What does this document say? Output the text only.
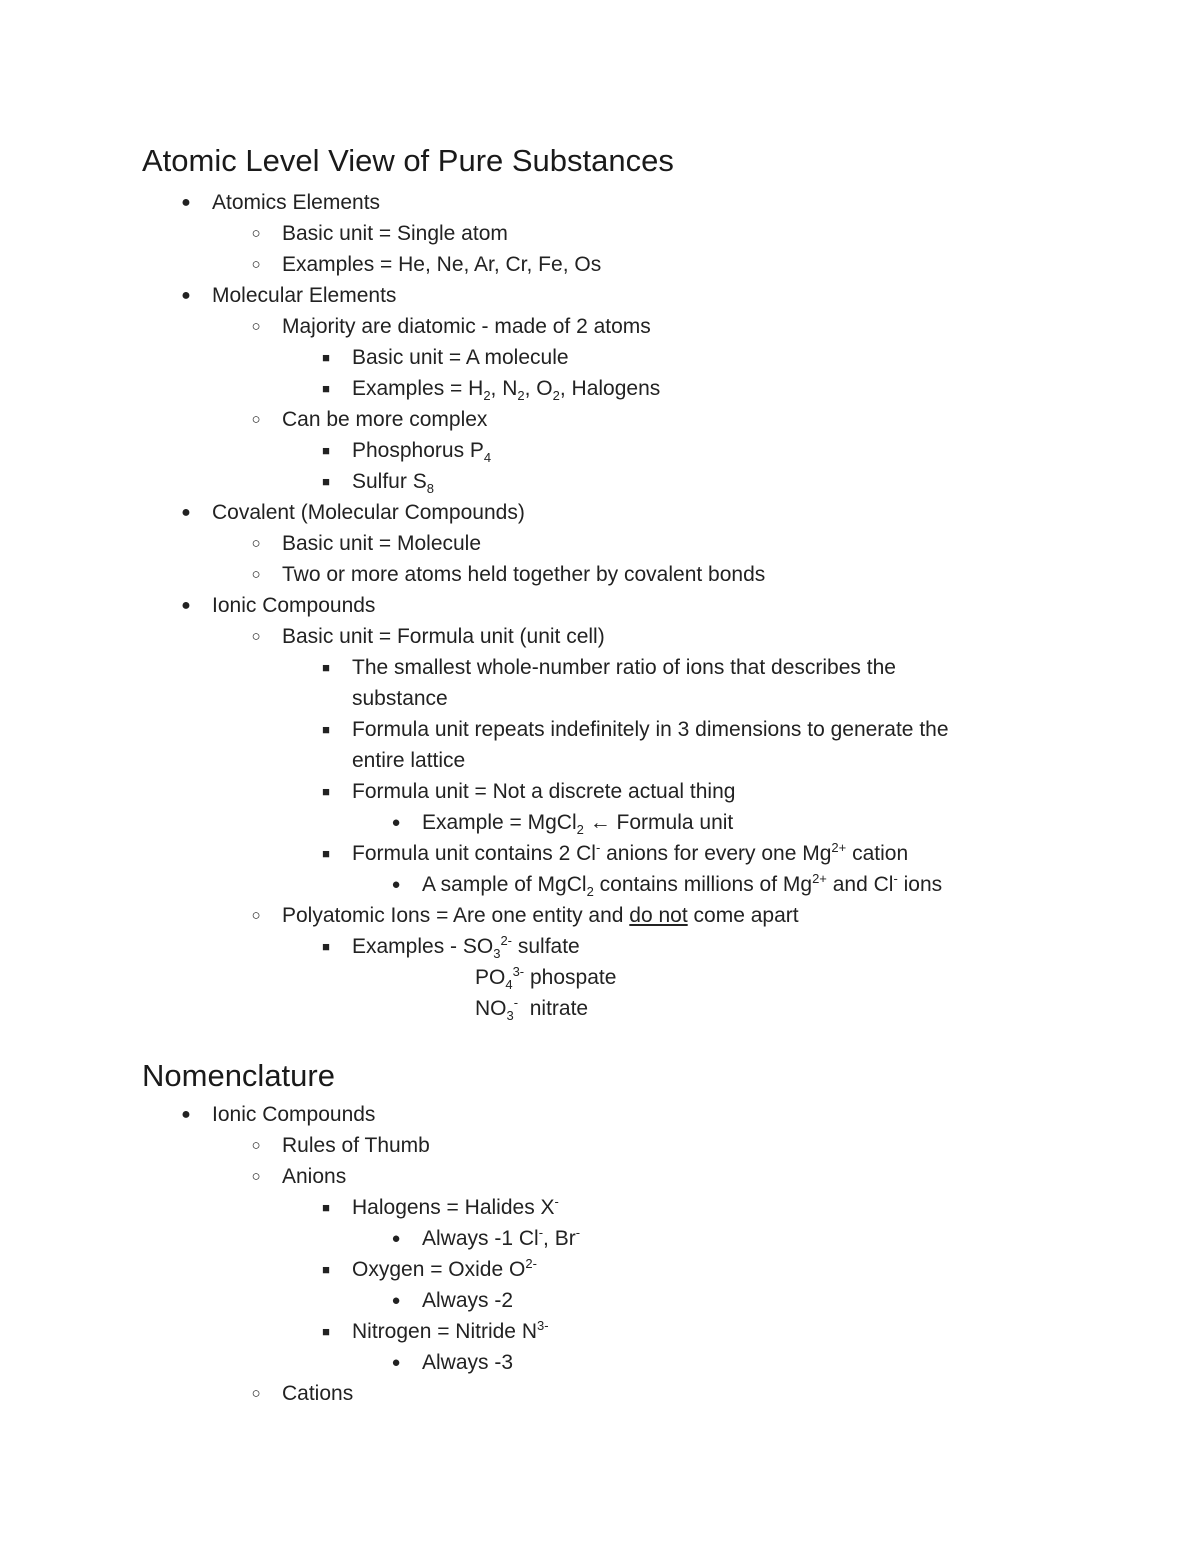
Atomic Level View of Pure Substances
●	Atomics Elements
○	Basic unit = Single atom
○	Examples = He, Ne, Ar, Cr, Fe, Os
●	Molecular Elements
○	Majority are diatomic - made of 2 atoms
■	Basic unit = A molecule
■	Examples = $H_2$, $N_2$, $O_2$, Halogens
○	Can be more complex
■	Phosphorus $P_4$
■	Sulfur $S_8$
●	Covalent (Molecular Compounds)
○	Basic unit = Molecule
○	Two or more atoms held together by covalent bonds
●	Ionic Compounds
○	Basic unit = Formula unit (unit cell)
■	The smallest whole-number ratio of ions that describes the
substance
■	Formula unit repeats indefinitely in 3 dimensions to generate the
entire lattice
■	Formula unit = Not a discrete actual thing
●	Example = MgCl$_2$ ← Formula unit
■	Formula unit contains 2 Cl- anions for every one $Mg^{2+}$ cation
●	A sample of MgCl$_2$ contains millions of $Mg^{2+}$ and Cl- ions
○	Polyatomic Ions = Are one entity and do not come apart
■	Examples - $SO_3^{2-}$ sulfate
$PO_4^{3-}$ phospate
$NO_3^-$  nitrate
Nomenclature
●	Ionic Compounds
○	Rules of Thumb
○	Anions
■	Halogens = Halides X-
●	Always -1 Cl-, Br-
■	Oxygen = Oxide $O^{2-}$
●	Always -2
■	Nitrogen = Nitride $N^{3-}$
●	Always -3
○	Cations
